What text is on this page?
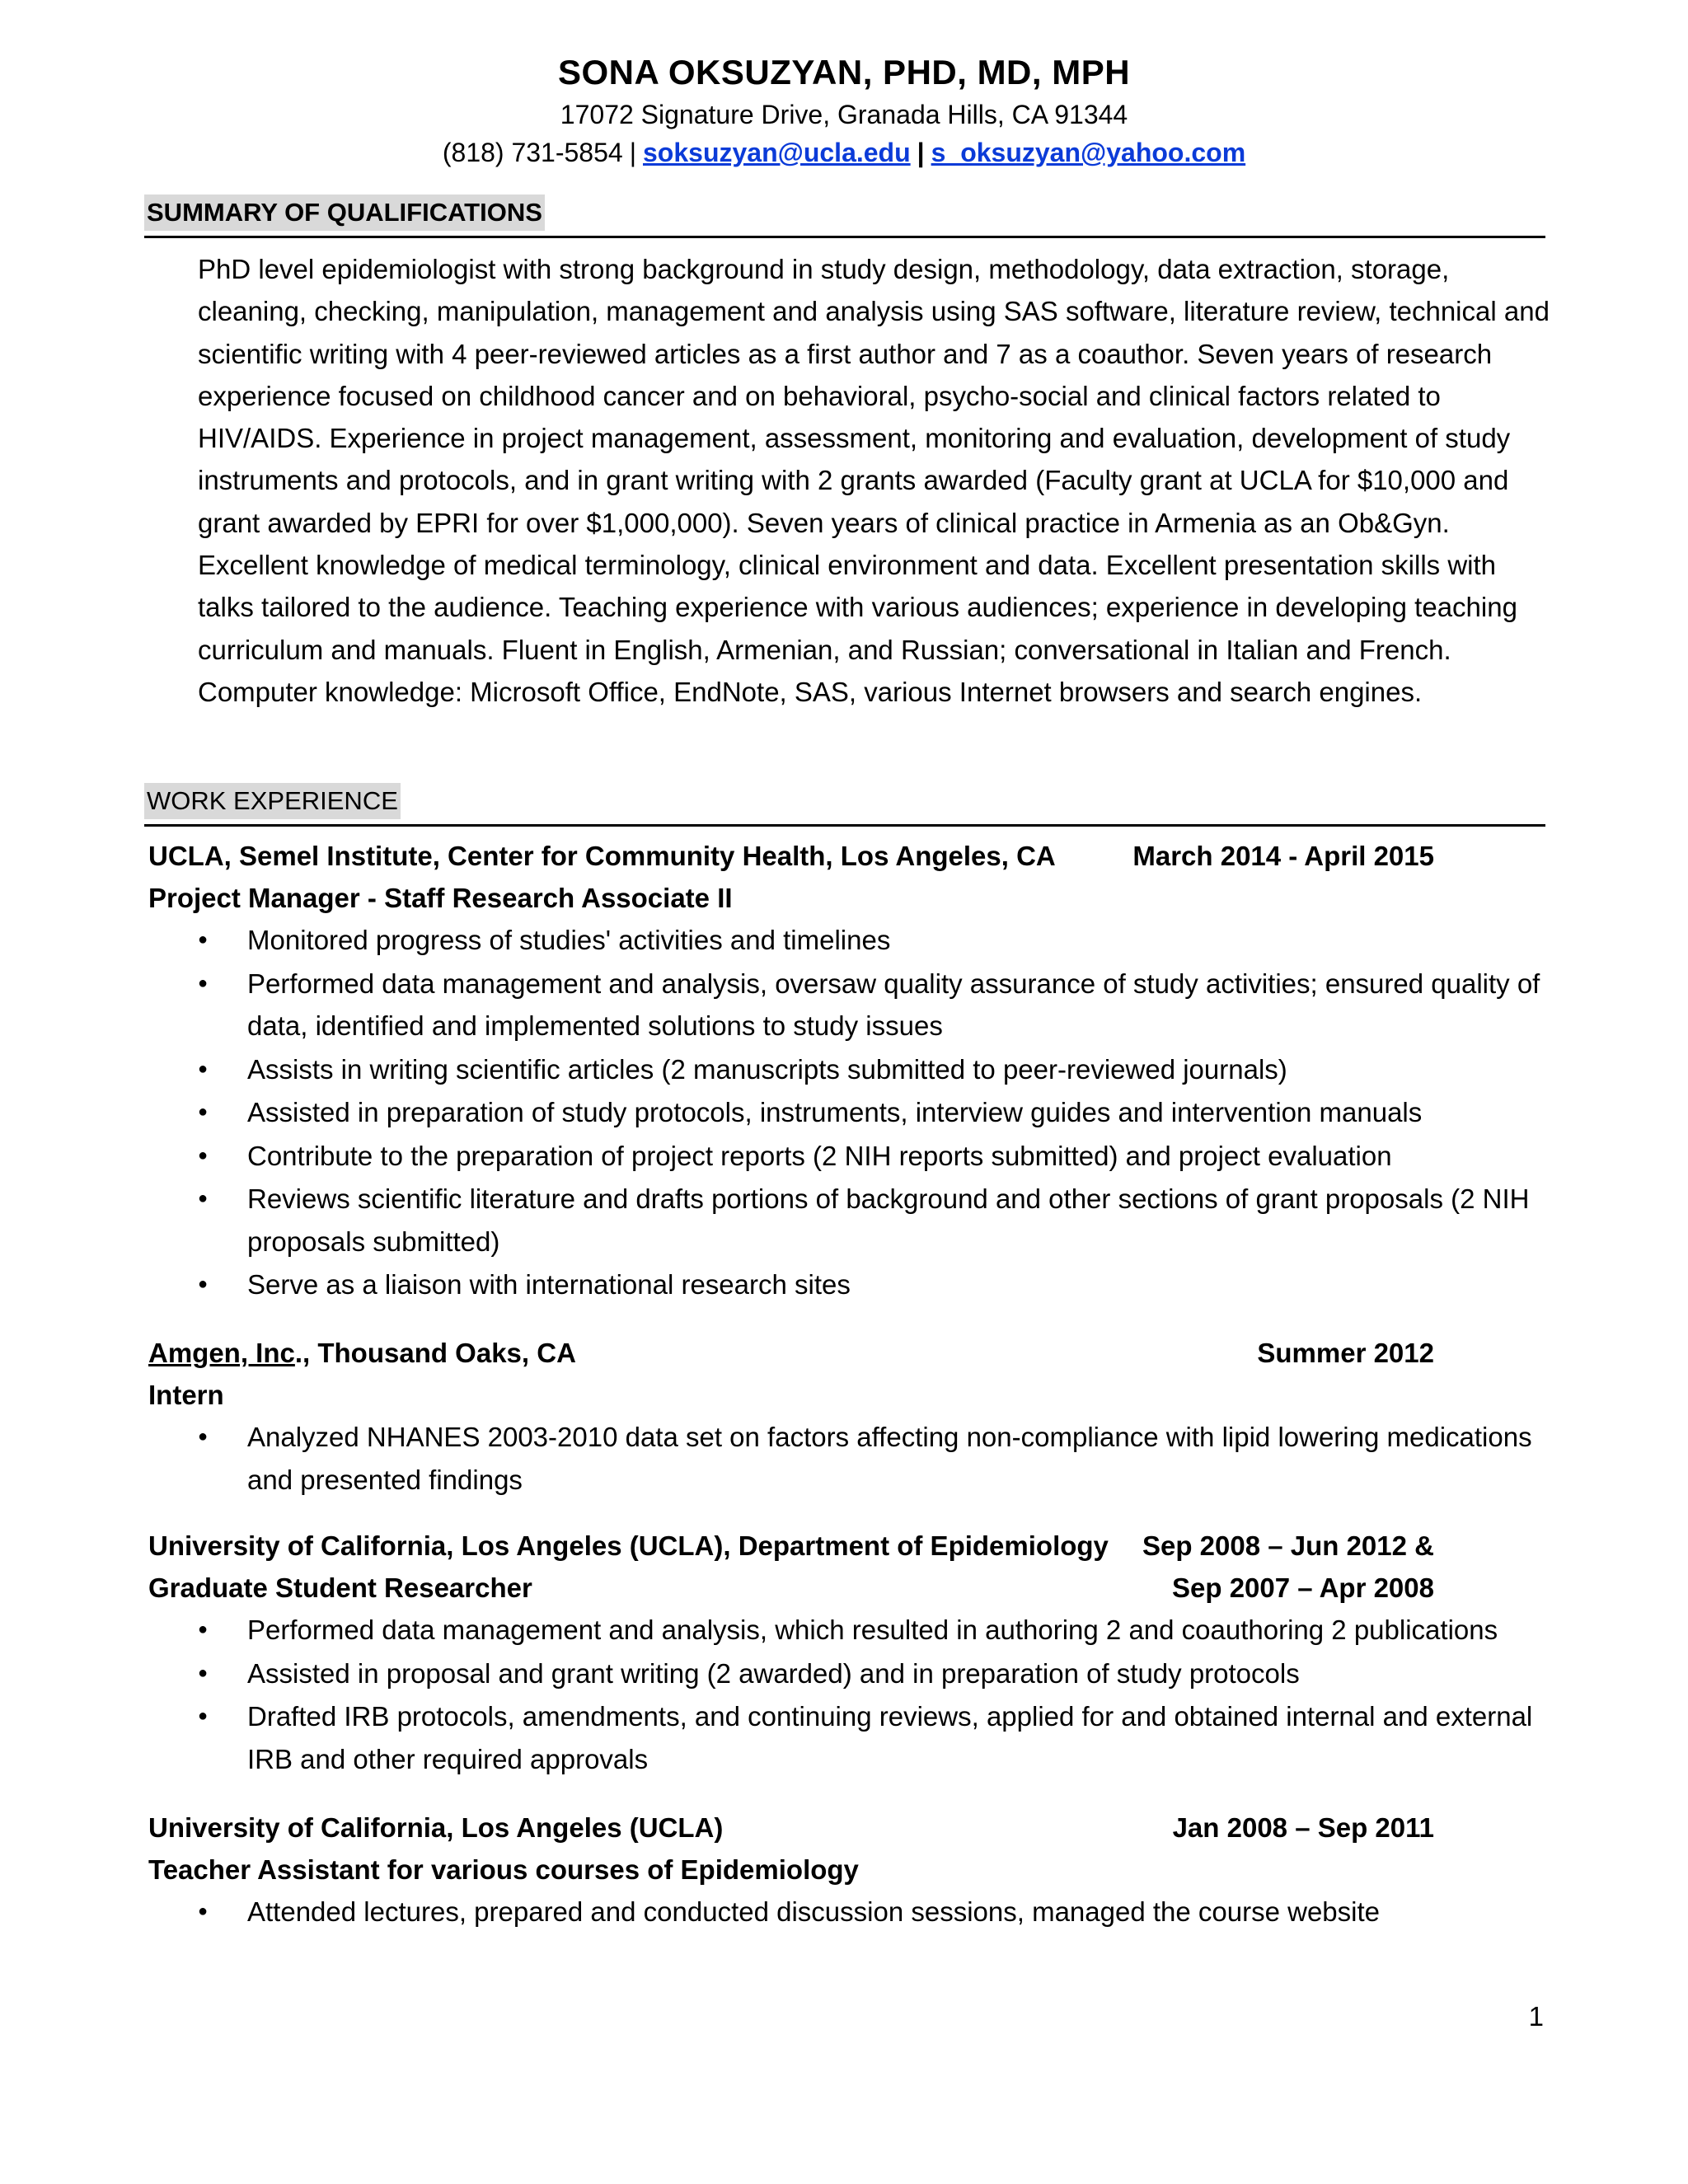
SONA OKSUZYAN, PHD, MD, MPH
17072 Signature Drive, Granada Hills, CA 91344
(818) 731-5854 | soksuzyan@ucla.edu | s_oksuzyan@yahoo.com
SUMMARY OF QUALIFICATIONS
PhD level epidemiologist with strong background in study design, methodology, data extraction, storage, cleaning, checking, manipulation, management and analysis using SAS software, literature review, technical and scientific writing with 4 peer-reviewed articles as a first author and 7 as a coauthor. Seven years of research experience focused on childhood cancer and on behavioral, psycho-social and clinical factors related to HIV/AIDS. Experience in project management, assessment, monitoring and evaluation, development of study instruments and protocols, and in grant writing with 2 grants awarded (Faculty grant at UCLA for $10,000 and grant awarded by EPRI for over $1,000,000). Seven years of clinical practice in Armenia as an Ob&Gyn. Excellent knowledge of medical terminology, clinical environment and data. Excellent presentation skills with talks tailored to the audience. Teaching experience with various audiences; experience in developing teaching curriculum and manuals. Fluent in English, Armenian, and Russian; conversational in Italian and French. Computer knowledge: Microsoft Office, EndNote, SAS, various Internet browsers and search engines.
WORK EXPERIENCE
UCLA, Semel Institute, Center for Community Health, Los Angeles, CA	March 2014 - April 2015
Project Manager - Staff Research Associate II
● Monitored progress of studies' activities and timelines
● Performed data management and analysis, oversaw quality assurance of study activities; ensured quality of data, identified and implemented solutions to study issues
● Assists in writing scientific articles (2 manuscripts submitted to peer-reviewed journals)
● Assisted in preparation of study protocols, instruments, interview guides and intervention manuals
● Contribute to the preparation of project reports (2 NIH reports submitted) and project evaluation
● Reviews scientific literature and drafts portions of background and other sections of grant proposals (2 NIH proposals submitted)
● Serve as a liaison with international research sites
Amgen, Inc., Thousand Oaks, CA	Summer 2012
Intern
● Analyzed NHANES 2003-2010 data set on factors affecting non-compliance with lipid lowering medications and presented findings
University of California, Los Angeles (UCLA), Department of Epidemiology Sep 2008 – Jun 2012 &
Graduate Student Researcher	Sep 2007 – Apr 2008
● Performed data management and analysis, which resulted in authoring 2 and coauthoring 2 publications
● Assisted in proposal and grant writing (2 awarded) and in preparation of study protocols
● Drafted IRB protocols, amendments, and continuing reviews, applied for and obtained internal and external IRB and other required approvals
University of California, Los Angeles (UCLA)	Jan 2008 – Sep 2011
Teacher Assistant for various courses of Epidemiology
● Attended lectures, prepared and conducted discussion sessions, managed the course website
1
